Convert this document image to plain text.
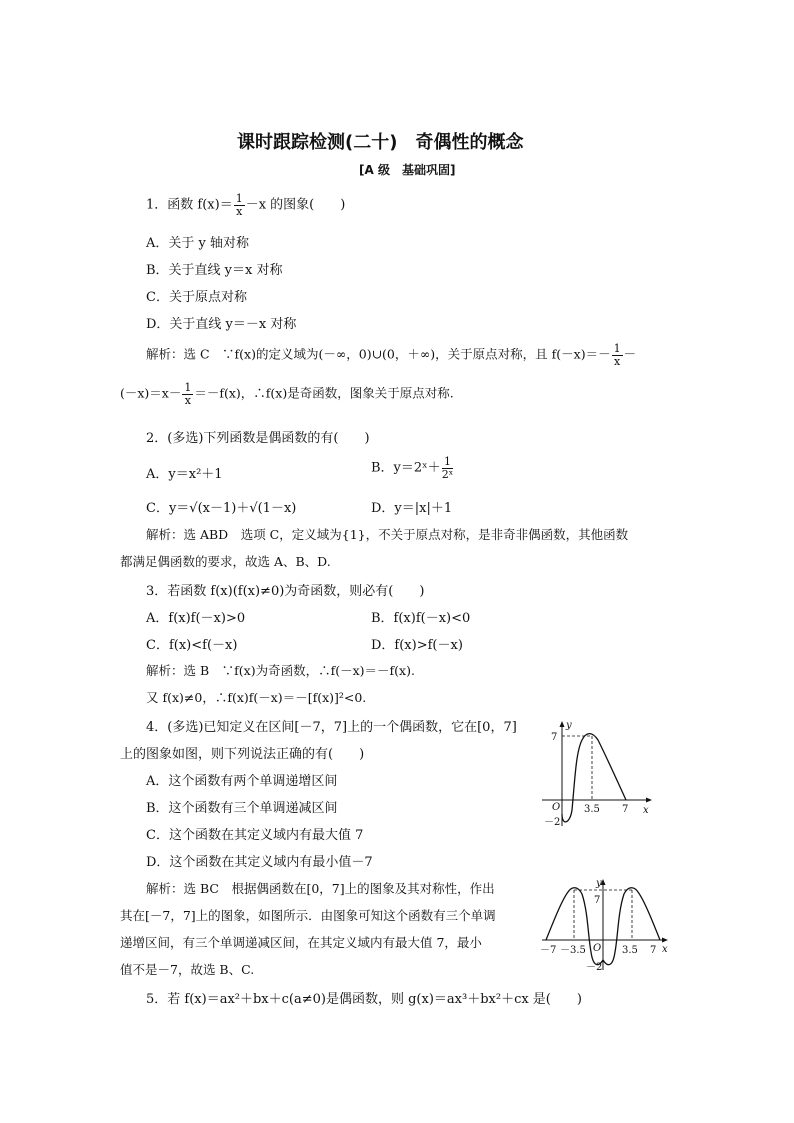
课时跟踪检测(二十)　奇偶性的概念
[A 级　基础巩固]
1．函数 $f(x)= \frac{1}{x} -x$ 的图象(　　)
A．关于 y 轴对称
B．关于直线 y＝x 对称
C．关于原点对称
D．关于直线 y＝－x 对称
解析：选 C　∵f(x)的定义域为(－∞，0)∪(0，＋∞)，关于原点对称，且 $f(-x)=- \frac{1}{x}$ －
$(-x)=x- \frac{1}{x} =-f(x)$，∴f(x)是奇函数，图象关于原点对称.
2．(多选)下列函数是偶函数的有(　　)
A．y＝x²＋1	B．y＝2ˣ＋ $\frac{1}{\text{2ˣ}}$
C．y＝√(x－1)＋√(1－x)	D．y＝|x|＋1
解析：选 ABD　选项 C，定义域为{1}，不关于原点对称，是非奇非偶函数，其他函数
都满足偶函数的要求，故选 A、B、D.
3．若函数 f(x)(f(x)≠0)为奇函数，则必有(　　)
A．f(x)f(－x)>0	B．f(x)f(－x)<0
C．f(x)<f(－x)	D．f(x)>f(－x)
解析：选 B　∵f(x)为奇函数，∴f(－x)＝－f(x).
又 f(x)≠0，∴f(x)f(－x)＝－[f(x)]²<0.
4．(多选)已知定义在区间[－7，7]上的一个偶函数，它在[0，7]
上的图象如图，则下列说法正确的有(　　)
A．这个函数有两个单调递增区间
B．这个函数有三个单调递减区间
C．这个函数在其定义域内有最大值 7
D．这个函数在其定义域内有最小值－7
解析：选 BC　根据偶函数在[0，7]上的图象及其对称性，作出
其在[－7，7]上的图象，如图所示．由图象可知这个函数有三个单调
递增区间，有三个单调递减区间，在其定义域内有最大值 7，最小
值不是－7，故选 B、C.
y
x
O
7
－2
3.5 7
y
x
O
7
－2
－3.5	3.5
－7	7
5．若 f(x)＝ax²＋bx＋c(a≠0)是偶函数，则 g(x)＝ax³＋bx²＋cx 是(　　)
